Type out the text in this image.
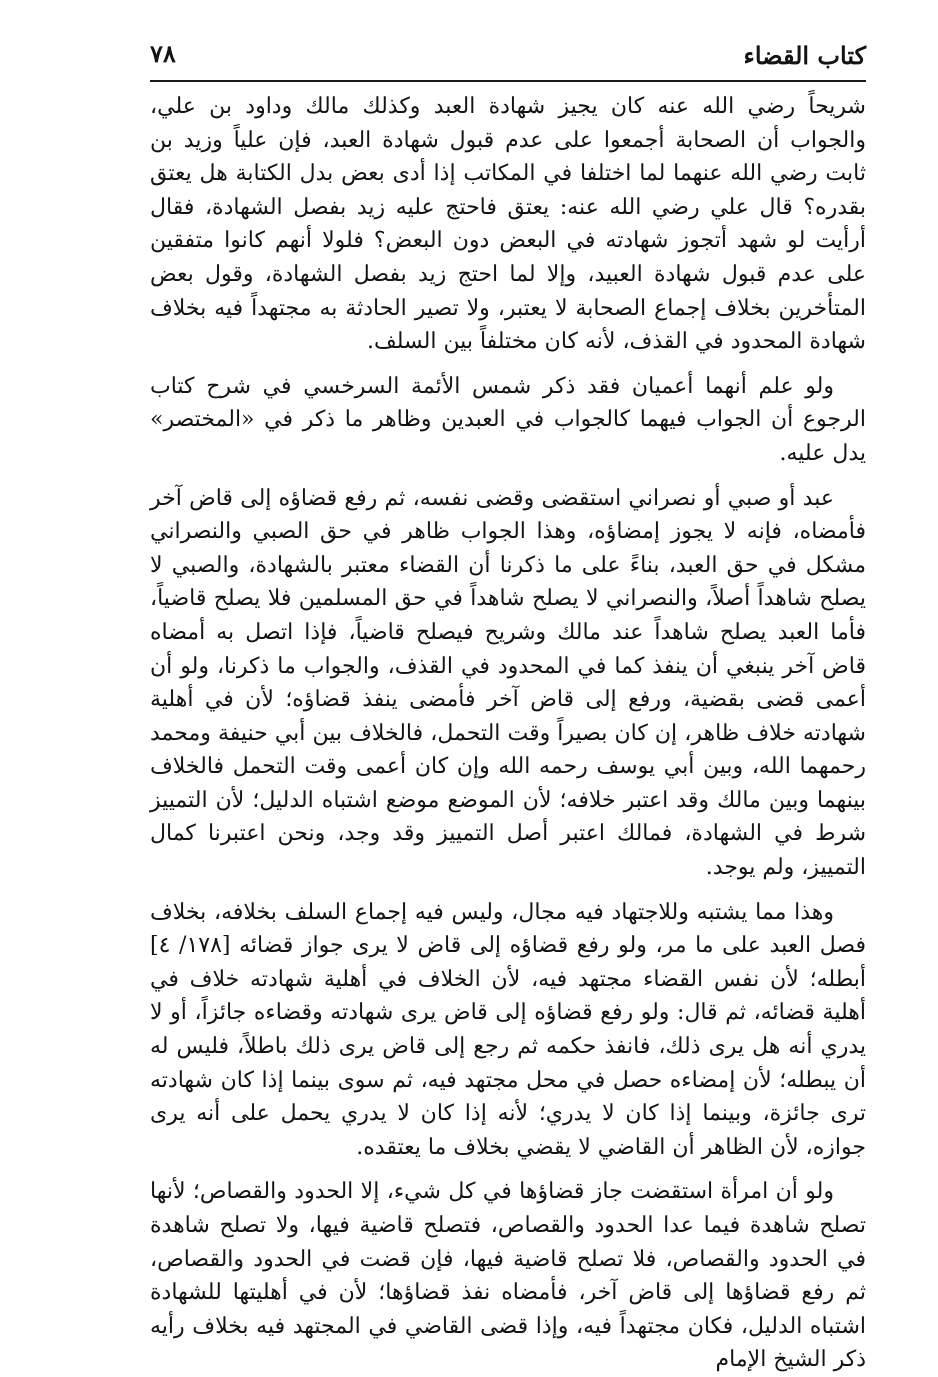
كتاب القضاء
٧٨

شريحاً رضي الله عنه كان يجيز شهادة العبد وكذلك مالك وداود بن علي، والجواب أن الصحابة أجمعوا على عدم قبول شهادة العبد، فإن علياً وزيد بن ثابت رضي الله عنهما لما اختلفا في المكاتب إذا أدى بعض بدل الكتابة هل يعتق بقدره؟ قال علي رضي الله عنه: يعتق فاحتج عليه زيد بفصل الشهادة، فقال أرأيت لو شهد أتجوز شهادته في البعض دون البعض؟ فلولا أنهم كانوا متفقين على عدم قبول شهادة العبيد، وإلا لما احتج زيد بفصل الشهادة، وقول بعض المتأخرين بخلاف إجماع الصحابة لا يعتبر، ولا تصير الحادثة به مجتهداً فيه بخلاف شهادة المحدود في القذف، لأنه كان مختلفاً بين السلف.

ولو علم أنهما أعميان فقد ذكر شمس الأئمة السرخسي في شرح كتاب الرجوع أن الجواب فيهما كالجواب في العبدين وظاهر ما ذكر في «المختصر» يدل عليه.

عبد أو صبي أو نصراني استقضى وقضى نفسه، ثم رفع قضاؤه إلى قاض آخر فأمضاه، فإنه لا يجوز إمضاؤه، وهذا الجواب ظاهر في حق الصبي والنصراني مشكل في حق العبد، بناءً على ما ذكرنا أن القضاء معتبر بالشهادة، والصبي لا يصلح شاهداً أصلاً، والنصراني لا يصلح شاهداً في حق المسلمين فلا يصلح قاضياً، فأما العبد يصلح شاهداً عند مالك وشريح فيصلح قاضياً، فإذا اتصل به أمضاه قاض آخر ينبغي أن ينفذ كما في المحدود في القذف، والجواب ما ذكرنا، ولو أن أعمى قضى بقضية، ورفع إلى قاض آخر فأمضى ينفذ قضاؤه؛ لأن في أهلية شهادته خلاف ظاهر، إن كان بصيراً وقت التحمل، فالخلاف بين أبي حنيفة ومحمد رحمهما الله، وبين أبي يوسف رحمه الله وإن كان أعمى وقت التحمل فالخلاف بينهما وبين مالك وقد اعتبر خلافه؛ لأن الموضع موضع اشتباه الدليل؛ لأن التمييز شرط في الشهادة، فمالك اعتبر أصل التمييز وقد وجد، ونحن اعتبرنا كمال التمييز، ولم يوجد.

وهذا مما يشتبه وللاجتهاد فيه مجال، وليس فيه إجماع السلف بخلافه، بخلاف فصل العبد على ما مر، ولو رفع قضاؤه إلى قاض لا يرى جواز قضائه [١٧٨/ ٤] أبطله؛ لأن نفس القضاء مجتهد فيه، لأن الخلاف في أهلية شهادته خلاف في أهلية قضائه، ثم قال: ولو رفع قضاؤه إلى قاض يرى شهادته وقضاءه جائزاً، أو لا يدري أنه هل يرى ذلك، فانفذ حكمه ثم رجع إلى قاض يرى ذلك باطلاً، فليس له أن يبطله؛ لأن إمضاءه حصل في محل مجتهد فيه، ثم سوى بينما إذا كان شهادته ترى جائزة، وبينما إذا كان لا يدري؛ لأنه إذا كان لا يدري يحمل على أنه يرى جوازه، لأن الظاهر أن القاضي لا يقضي بخلاف ما يعتقده.

ولو أن امرأة استقضت جاز قضاؤها في كل شيء، إلا الحدود والقصاص؛ لأنها تصلح شاهدة فيما عدا الحدود والقصاص، فتصلح قاضية فيها، ولا تصلح شاهدة في الحدود والقصاص، فلا تصلح قاضية فيها، فإن قضت في الحدود والقصاص، ثم رفع قضاؤها إلى قاض آخر، فأمضاه نفذ قضاؤها؛ لأن في أهليتها للشهادة اشتباه الدليل، فكان مجتهداً فيه، وإذا قضى القاضي في المجتهد فيه بخلاف رأيه ذكر الشيخ الإمام
